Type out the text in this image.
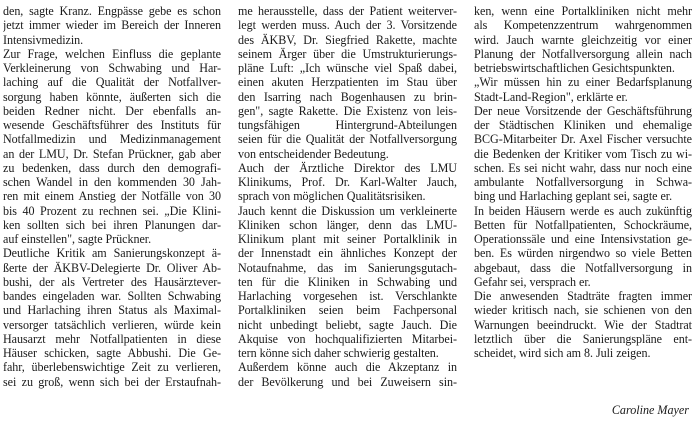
den, sagte Kranz. Engpässe gebe es schon
jetzt immer wieder im Bereich der Inneren
Intensivmedizin.
Zur Frage, welchen Einfluss die geplante
Verkleinerung von Schwabing und Har-
laching auf die Qualität der Notfallver-
sorgung haben könnte, äußerten sich die
beiden Redner nicht. Der ebenfalls an-
wesende Geschäftsführer des Instituts für
Notfallmedizin und Medizinmanagement
an der LMU, Dr. Stefan Prückner, gab aber
zu bedenken, dass durch den demografi-
schen Wandel in den kommenden 30 Jah-
ren mit einem Anstieg der Notfälle von 30
bis 40 Prozent zu rechnen sei. „Die Klini-
ken sollten sich bei ihren Planungen dar-
auf einstellen", sagte Prückner.
Deutliche Kritik am Sanierungskonzept ä-
ßerte der ÄKBV-Delegierte Dr. Oliver Ab-
bushi, der als Vertreter des Hausärztever-
bandes eingeladen war. Sollten Schwabing
und Harlaching ihren Status als Maximal-
versorger tatsächlich verlieren, würde kein
Hausarzt mehr Notfallpatienten in diese
Häuser schicken, sagte Abbushi. Die Ge-
fahr, überlebenswichtige Zeit zu verlieren,
sei zu groß, wenn sich bei der Erstaufnah-
me herausstelle, dass der Patient weiterver-
legt werden muss. Auch der 3. Vorsitzende
des ÄKBV, Dr. Siegfried Rakette, machte
seinem Ärger über die Umstrukturierungs-
pläne Luft: „Ich wünsche viel Spaß dabei,
einen akuten Herzpatienten im Stau über
den Isarring nach Bogenhausen zu brin-
gen", sagte Rakette. Die Existenz von leis-
tungsfähigen Hintergrund-Abteilungen
seien für die Qualität der Notfallversorgung
von entscheidender Bedeutung.
Auch der Ärztliche Direktor des LMU
Klinikums, Prof. Dr. Karl-Walter Jauch,
sprach von möglichen Qualitätsrisiken.
Jauch kennt die Diskussion um verkleinerte
Kliniken schon länger, denn das LMU-
Klinikum plant mit seiner Portalklinik in
der Innenstadt ein ähnliches Konzept der
Notaufnahme, das im Sanierungsgutach-
ten für die Kliniken in Schwabing und
Harlaching vorgesehen ist. Verschlankte
Portalkliniken seien beim Fachpersonal
nicht unbedingt beliebt, sagte Jauch. Die
Akquise von hochqualifizierten Mitarbei-
tern könne sich daher schwierig gestalten.
Außerdem könne auch die Akzeptanz in
der Bevölkerung und bei Zuweisern sin-
ken, wenn eine Portalkliniken nicht mehr
als Kompetenzzentrum wahrgenommen
wird. Jauch warnte gleichzeitig vor einer
Planung der Notfallversorgung allein nach
betriebswirtschaftlichen Gesichtspunkten.
„Wir müssen hin zu einer Bedarfsplanung
Stadt-Land-Region", erklärte er.
Der neue Vorsitzende der Geschäftsführung
der Städtischen Kliniken und ehemalige
BCG-Mitarbeiter Dr. Axel Fischer versuchte
die Bedenken der Kritiker vom Tisch zu wi-
schen. Es sei nicht wahr, dass nur noch eine
ambulante Notfallversorgung in Schwa-
bing und Harlaching geplant sei, sagte er.
In beiden Häusern werde es auch zukünftig
Betten für Notfallpatienten, Schockräume,
Operationssäle und eine Intensivstation ge-
ben. Es würden nirgendwo so viele Betten
abgebaut, dass die Notfallversorgung in
Gefahr sei, versprach er.
Die anwesenden Stadträte fragten immer
wieder kritisch nach, sie schienen von den
Warnungen beeindruckt. Wie der Stadtrat
letztlich über die Sanierungspläne ent-
scheidet, wird sich am 8. Juli zeigen.
Caroline Mayer
